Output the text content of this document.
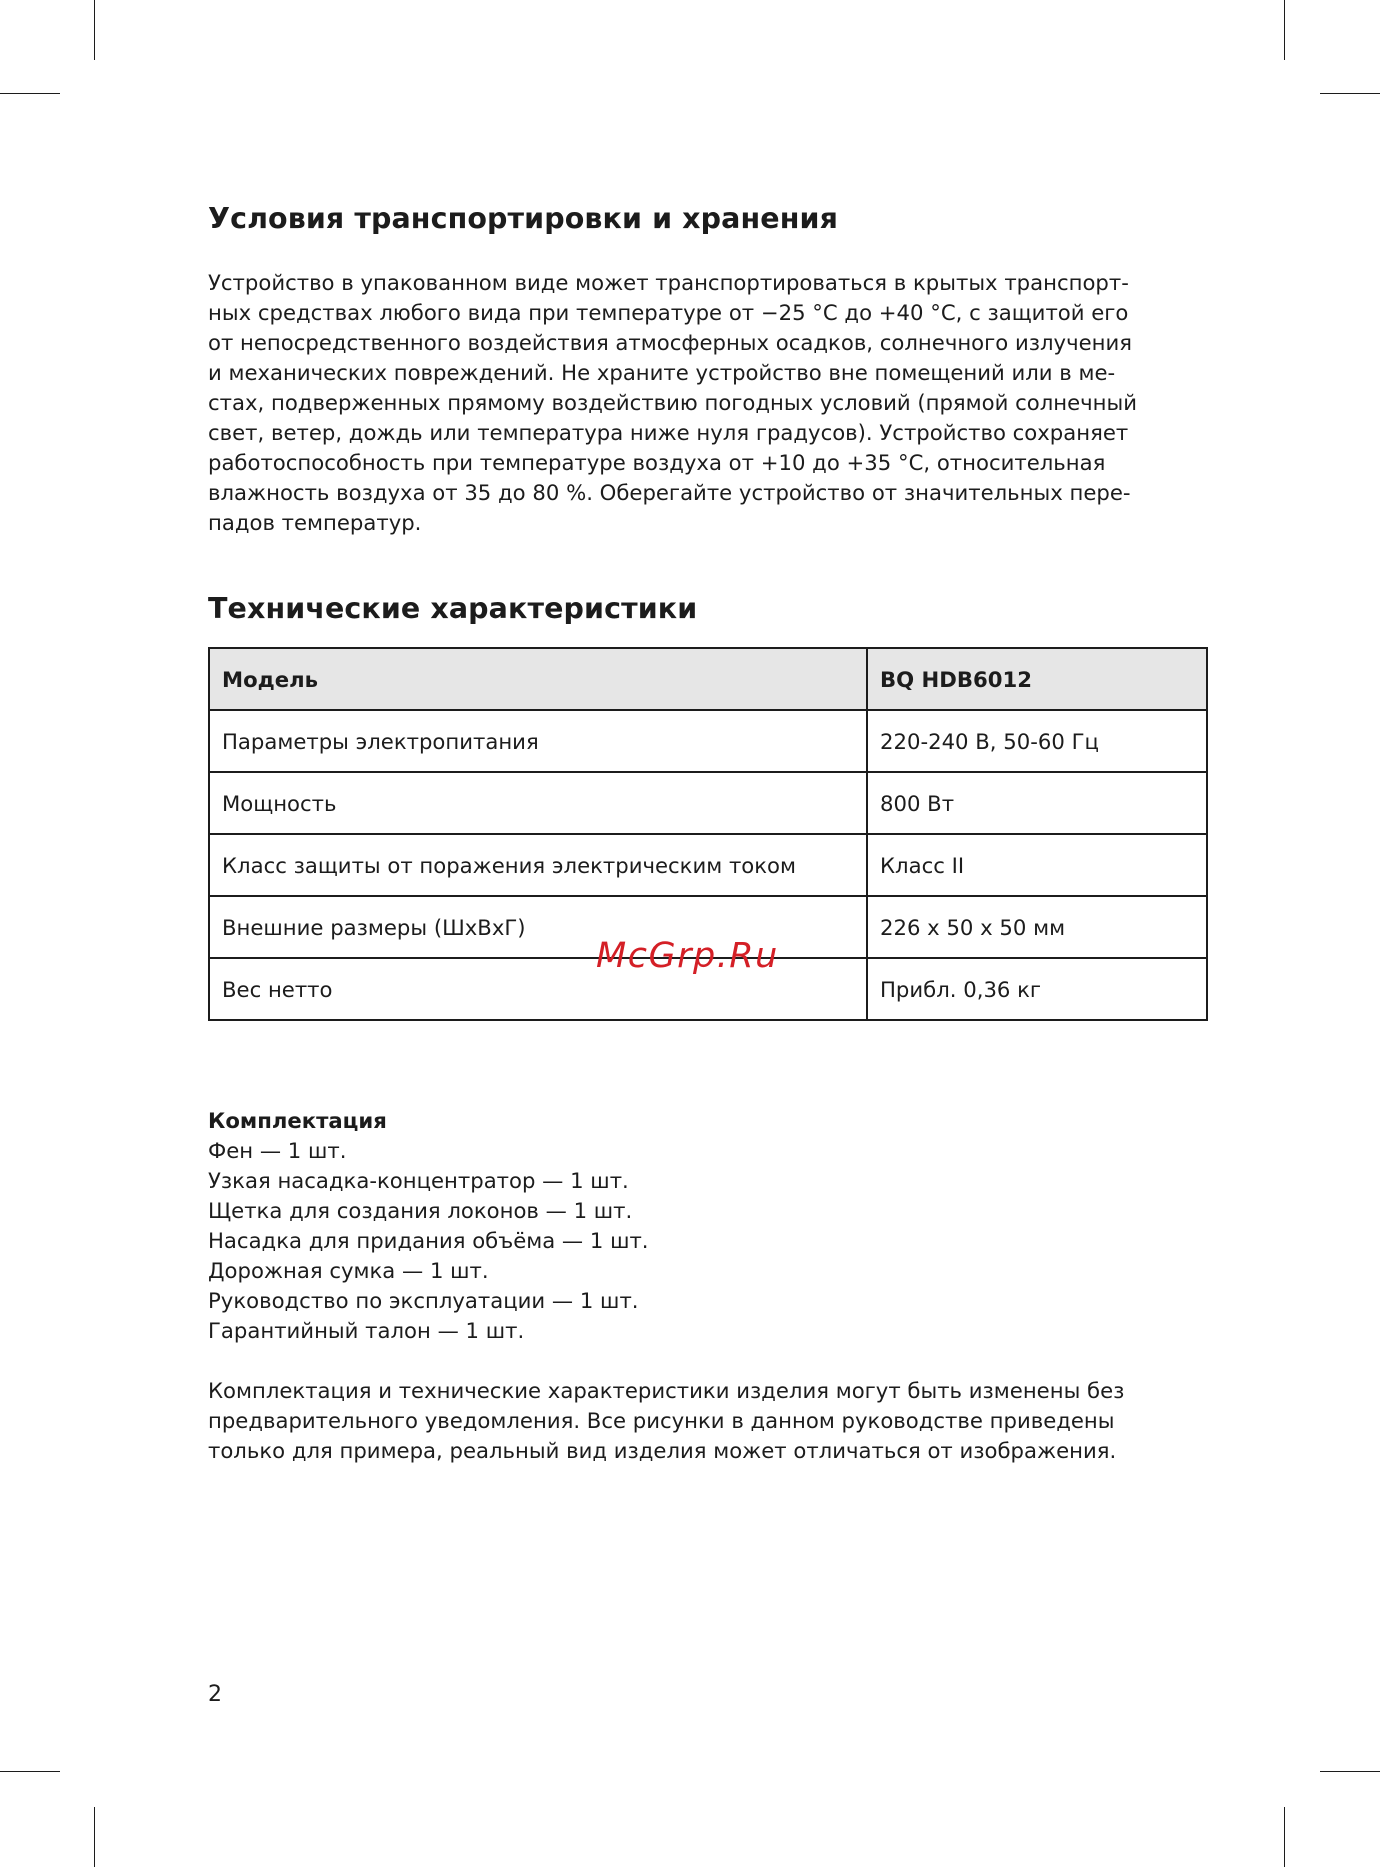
Условия транспортировки и хранения

Устройство в упакованном виде может транспортироваться в крытых транспорт-
ных средствах любого вида при температуре от −25 °C до +40 °C, с защитой его
от непосредственного воздействия атмосферных осадков, солнечного излучения
и механических повреждений. Не храните устройство вне помещений или в ме-
стах, подверженных прямому воздействию погодных условий (прямой солнечный
свет, ветер, дождь или температура ниже нуля градусов). Устройство сохраняет
работоспособность при температуре воздуха от +10 до +35 °C, относительная
влажность воздуха от 35 до 80 %. Оберегайте устройство от значительных пере-
падов температур.

Технические характеристики
Модель	BQ HDB6012
Параметры электропитания	220-240 В, 50-60 Гц
Мощность	800 Вт
Класс защиты от поражения электрическим током	Класс II
Внешние размеры (ШхВхГ)	226 x 50 x 50 мм
Вес нетто	Прибл. 0,36 кг
McGrp.Ru
Комплектация
Фен — 1 шт.
Узкая насадка-концентратор — 1 шт.
Щетка для создания локонов — 1 шт.
Насадка для придания объёма — 1 шт.
Дорожная сумка — 1 шт.
Руководство по эксплуатации — 1 шт.
Гарантийный талон — 1 шт.

Комплектация и технические характеристики изделия могут быть изменены без
предварительного уведомления. Все рисунки в данном руководстве приведены
только для примера, реальный вид изделия может отличаться от изображения.

2
